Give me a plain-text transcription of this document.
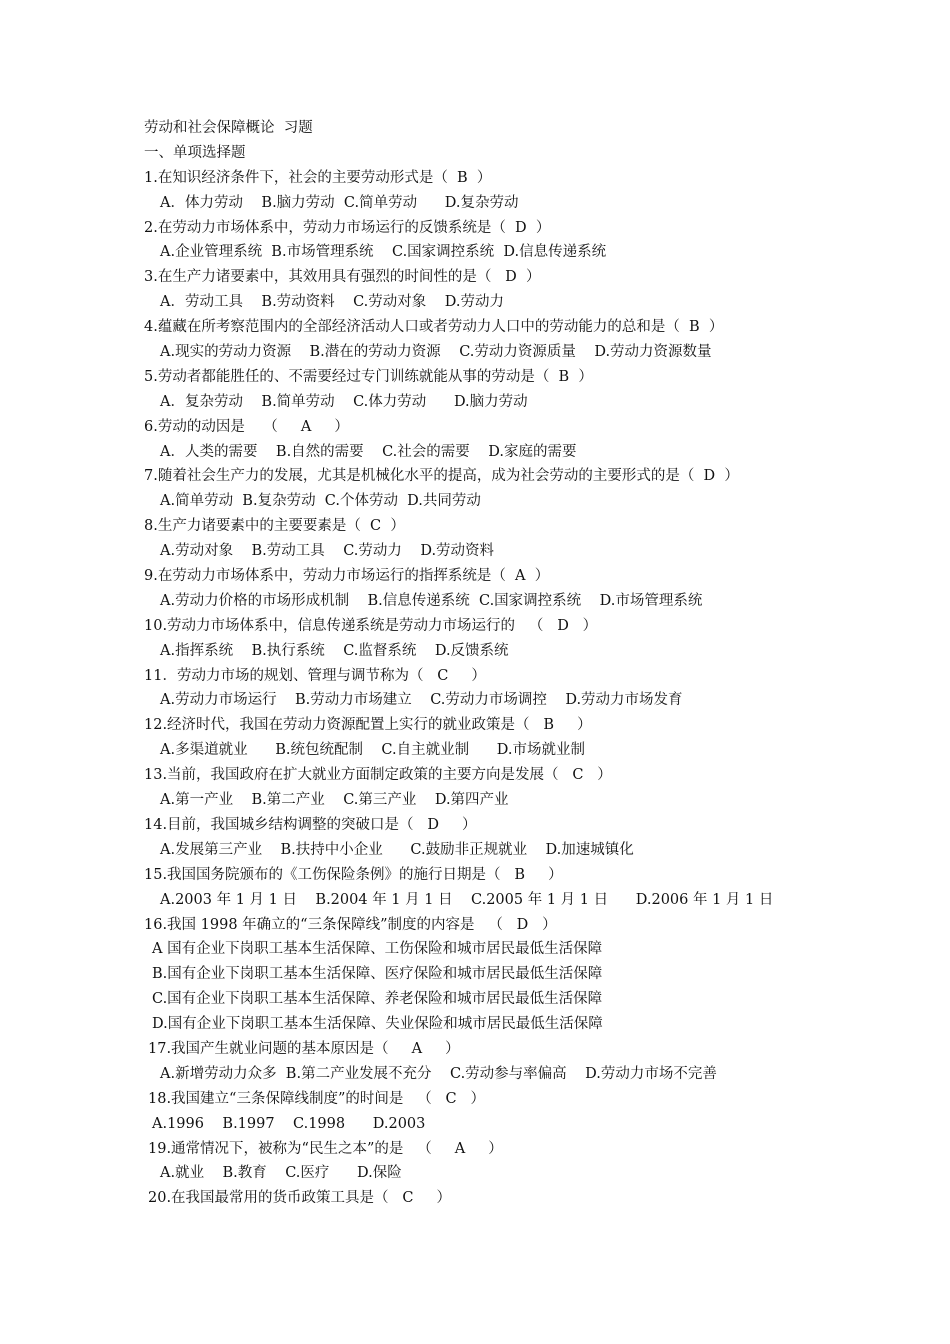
劳动和社会保障概论  习题
一、单项选择题
1.在知识经济条件下，社会的主要劳动形式是（  B  ）
A．体力劳动    B.脑力劳动  C.简单劳动      D.复杂劳动
2.在劳动力市场体系中，劳动力市场运行的反馈系统是（  D  ）
A.企业管理系统  B.市场管理系统    C.国家调控系统  D.信息传递系统
3.在生产力诸要素中，其效用具有强烈的时间性的是（   D  ）
A．劳动工具    B.劳动资料    C.劳动对象    D.劳动力
4.蕴藏在所考察范围内的全部经济活动人口或者劳动力人口中的劳动能力的总和是（  B  ）
A.现实的劳动力资源    B.潜在的劳动力资源    C.劳动力资源质量    D.劳动力资源数量
5.劳动者都能胜任的、不需要经过专门训练就能从事的劳动是（  B  ）
A．复杂劳动    B.简单劳动    C.体力劳动      D.脑力劳动
6.劳动的动因是    （     A     ）
A．人类的需要    B.自然的需要    C.社会的需要    D.家庭的需要
7.随着社会生产力的发展，尤其是机械化水平的提高，成为社会劳动的主要形式的是（  D  ）
A.简单劳动  B.复杂劳动  C.个体劳动  D.共同劳动
8.生产力诸要素中的主要要素是（  C  ）
A.劳动对象    B.劳动工具    C.劳动力    D.劳动资料
9.在劳动力市场体系中，劳动力市场运行的指挥系统是（  A  ）
A.劳动力价格的市场形成机制    B.信息传递系统  C.国家调控系统    D.市场管理系统
10.劳动力市场体系中，信息传递系统是劳动力市场运行的   （   D   ）
A.指挥系统    B.执行系统    C.监督系统    D.反馈系统
11．劳动力市场的规划、管理与调节称为（   C     ）
A.劳动力市场运行    B.劳动力市场建立    C.劳动力市场调控    D.劳动力市场发育
12.经济时代，我国在劳动力资源配置上实行的就业政策是（   B     ）
A.多渠道就业      B.统包统配制    C.自主就业制      D.市场就业制
13.当前，我国政府在扩大就业方面制定政策的主要方向是发展（   C   ）
A.第一产业    B.第二产业    C.第三产业    D.第四产业
14.目前，我国城乡结构调整的突破口是（   D     ）
A.发展第三产业    B.扶持中小企业      C.鼓励非正规就业    D.加速城镇化
15.我国国务院颁布的《工伤保险条例》的施行日期是（   B     ）
A.2003 年 1 月 1 日    B.2004 年 1 月 1 日    C.2005 年 1 月 1 日      D.2006 年 1 月 1 日
16.我国 1998 年确立的“三条保障线”制度的内容是   （   D   ）
A 国有企业下岗职工基本生活保障、工伤保险和城市居民最低生活保障
B.国有企业下岗职工基本生活保障、医疗保险和城市居民最低生活保障
C.国有企业下岗职工基本生活保障、养老保险和城市居民最低生活保障
D.国有企业下岗职工基本生活保障、失业保险和城市居民最低生活保障
17.我国产生就业问题的基本原因是（     A     ）
A.新增劳动力众多  B.第二产业发展不充分    C.劳动参与率偏高    D.劳动力市场不完善
18.我国建立“三条保障线制度”的时间是   （   C   ）
A.1996    B.1997    C.1998      D.2003
19.通常情况下，被称为“民生之本”的是   （     A     ）
A.就业    B.教育    C.医疗      D.保险
20.在我国最常用的货币政策工具是（   C     ）
